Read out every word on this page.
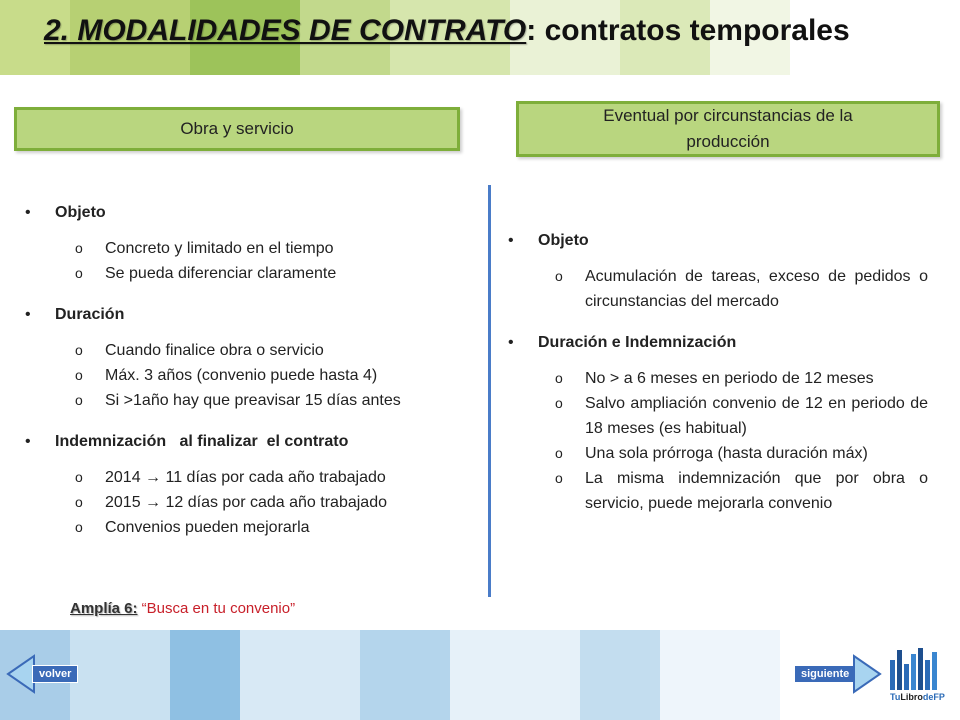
2. MODALIDADES DE CONTRATO: contratos temporales
Obra y servicio
Eventual por circunstancias de la
producción
• Objeto
o Concreto y limitado en el tiempo
o Se pueda diferenciar claramente
• Duración
o Cuando finalice obra o servicio
o Máx. 3 años (convenio puede hasta 4)
o Si >1año hay que preavisar 15 días antes
• Indemnización   al finalizar  el contrato
o 2014 → 11 días por cada año trabajado
o 2015 → 12 días por cada año trabajado
o Convenios pueden mejorarla
• Objeto
o Acumulación de tareas, exceso de pedidos o circunstancias del mercado
• Duración e Indemnización
o No > a 6 meses en periodo de 12 meses
o Salvo ampliación convenio de 12 en periodo de 18 meses (es habitual)
o Una sola prórroga (hasta duración máx)
o La misma indemnización que por obra o servicio, puede mejorarla convenio
Amplía 6: “Busca en tu convenio”
volver	siguiente
TuLibrodeFP
